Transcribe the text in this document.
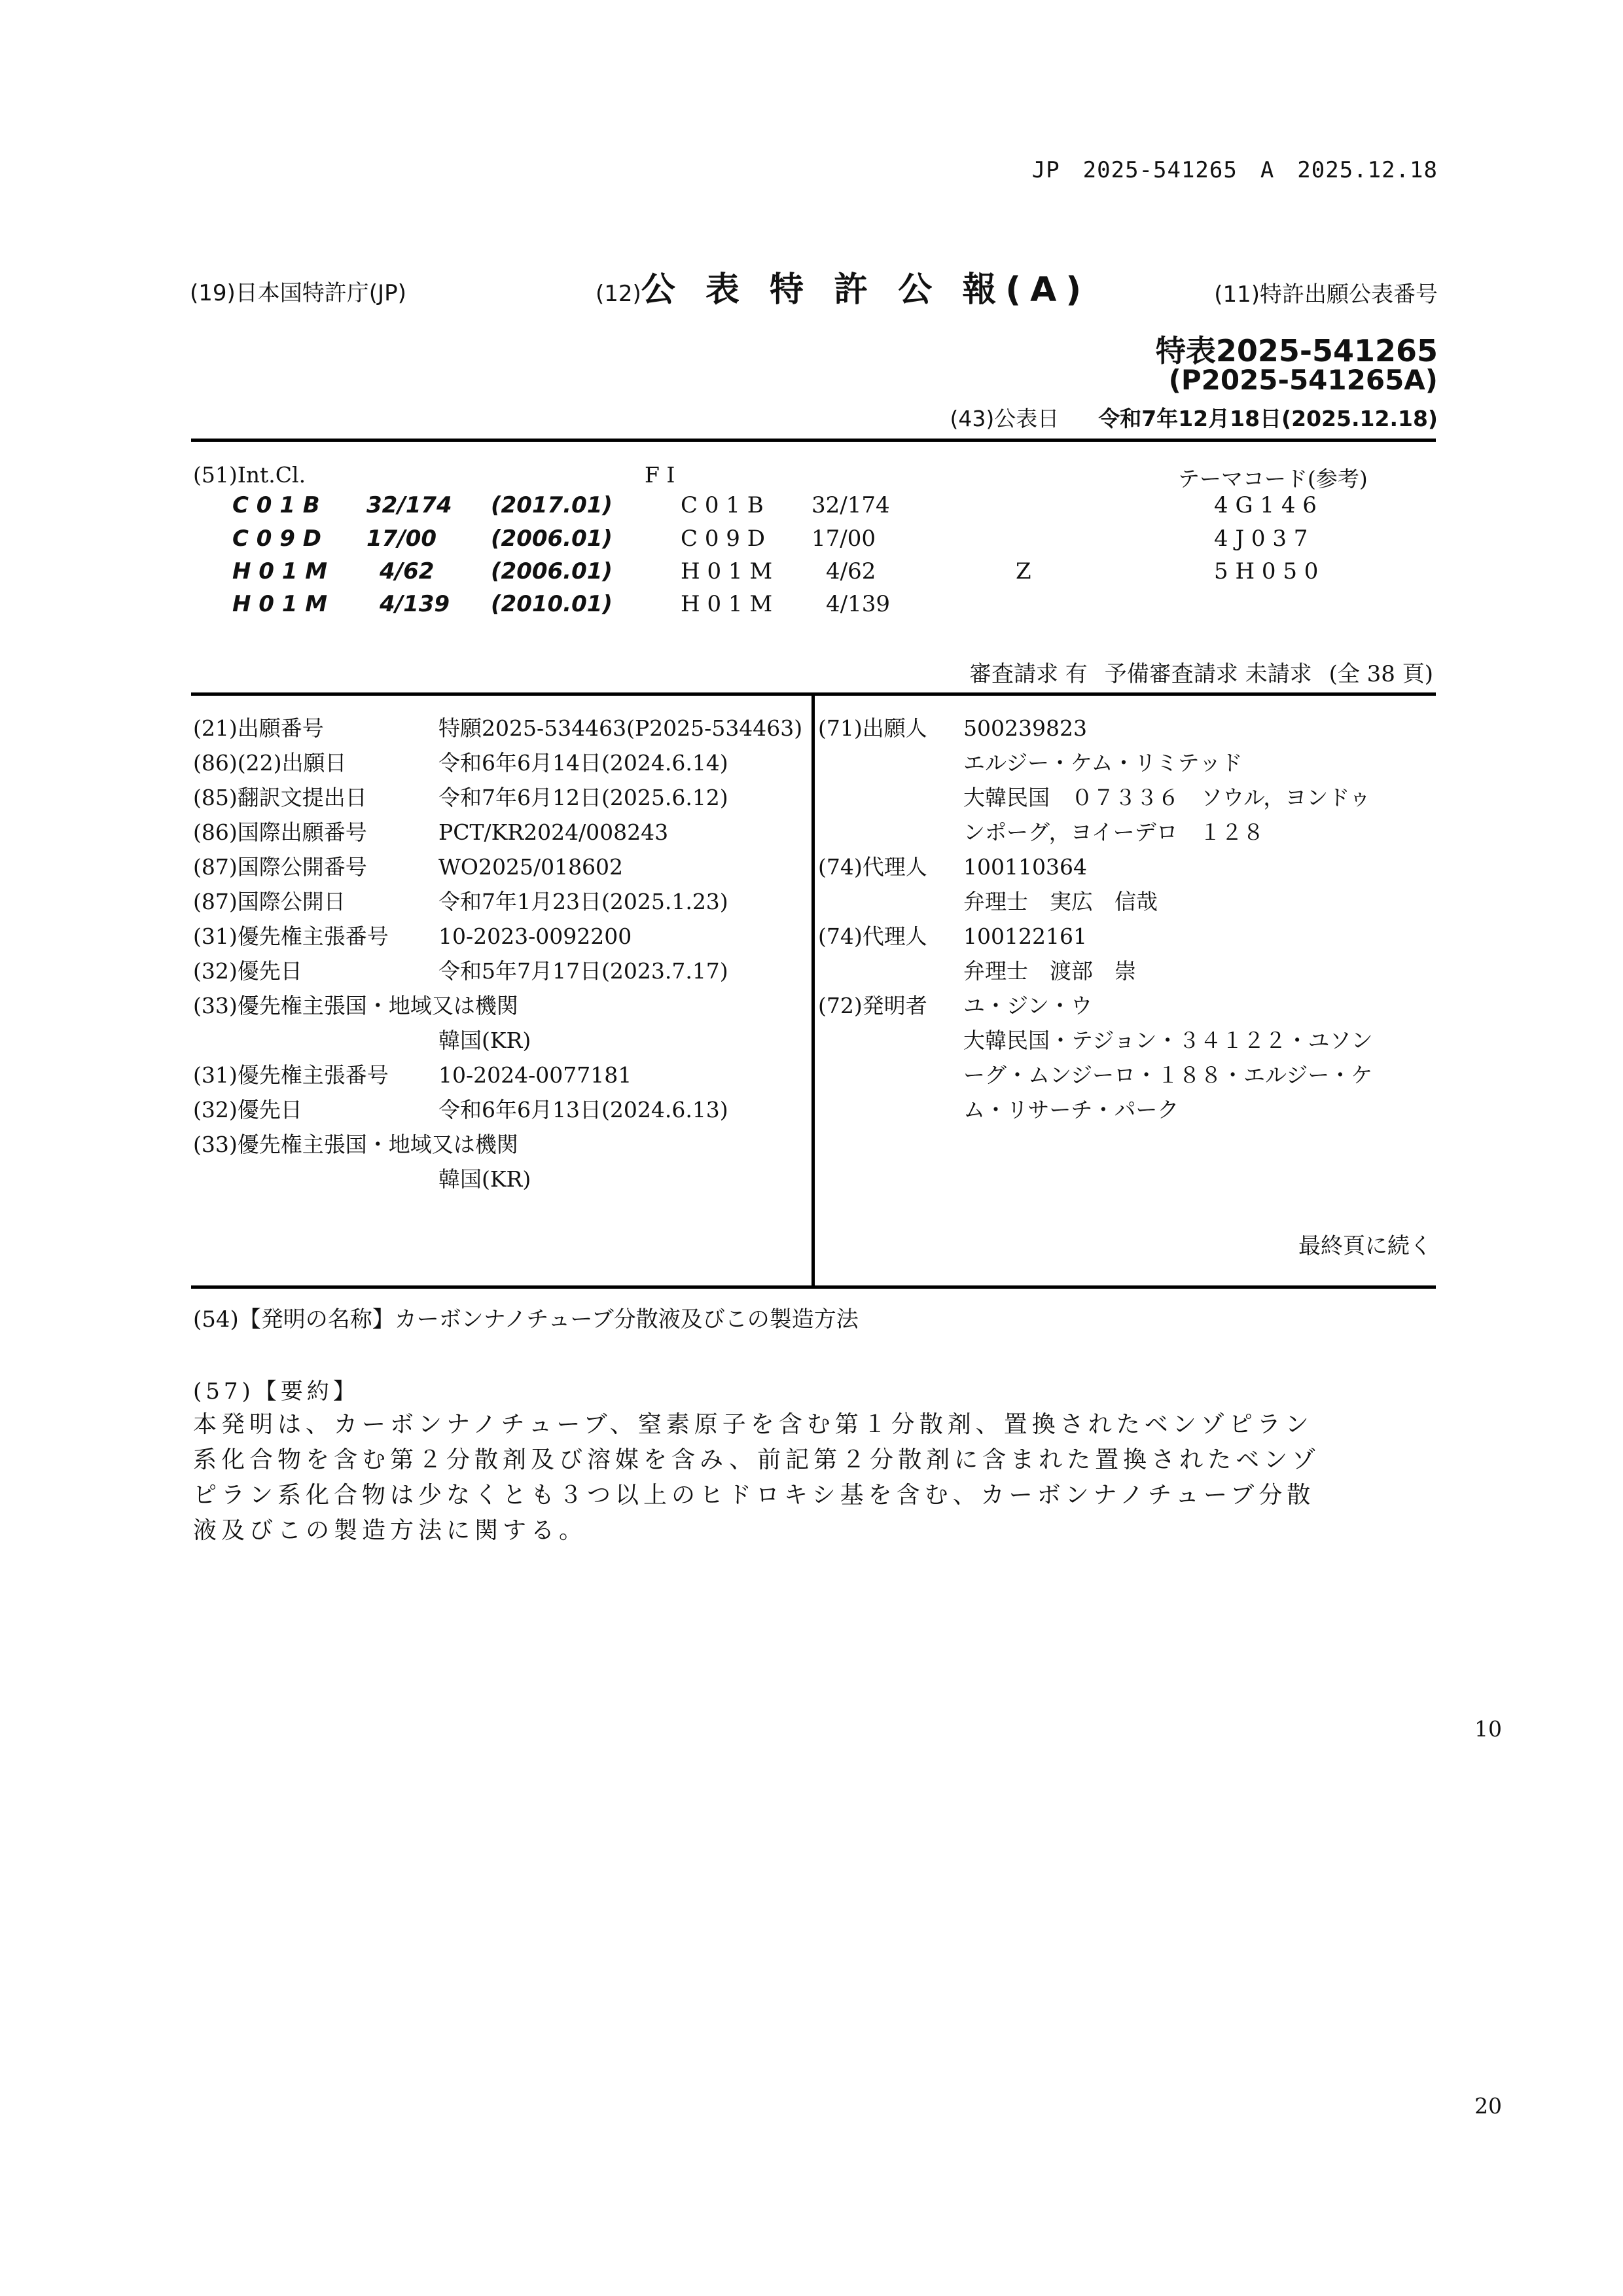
JP　2025-541265　A　2025.12.18
(19)日本国特許庁(JP)	(12)公 表 特 許 公 報(A)	(11)特許出願公表番号
特表2025-541265
(P2025-541265A)
(43)公表日 令和7年12月18日(2025.12.18)
(51)Int.Cl.	F I	テーマコード(参考)
C 0 1 B 32/174 (2017.01)	C 0 1 B 32/174	4 G 1 4 6
C 0 9 D 17/00 (2006.01)	C 0 9 D 17/00	4 J 0 3 7
H 0 1 M 4/62	(2006.01)	H 0 1 M 4/62	Z	5 H 0 5 0
H 0 1 M 4/139 (2010.01)	H 0 1 M 4/139
審査請求 有 予備審査請求 未請求 (全 38 頁)
(21)出願番号	特願2025-534463(P2025-534463)
(86)(22)出願日	令和6年6月14日(2024.6.14)
(85)翻訳文提出日	令和7年6月12日(2025.6.12)
(86)国際出願番号	PCT/KR2024/008243
(87)国際公開番号	WO2025/018602
(87)国際公開日	令和7年1月23日(2025.1.23)
(31)優先権主張番号 10-2023-0092200
(32)優先日	令和5年7月17日(2023.7.17)
(33)優先権主張国・地域又は機関
韓国(KR)
(31)優先権主張番号 10-2024-0077181
(32)優先日	令和6年6月13日(2024.6.13)
(33)優先権主張国・地域又は機関
韓国(KR)
(71)出願人 500239823
エルジー・ケム・リミテッド
大韓民国　０７３３６　ソウル，ヨンドゥ
ンポーグ，ヨイーデロ　１２８
(74)代理人 100110364
弁理士　実広　信哉
(74)代理人 100122161
弁理士　渡部　崇
(72)発明者 ユ・ジン・ウ
大韓民国・テジョン・３４１２２・ユソン
ーグ・ムンジーロ・１８８・エルジー・ケ
ム・リサーチ・パーク
最終頁に続く
(54)【発明の名称】カーボンナノチューブ分散液及びこの製造方法
(57)【要約】
本発明は、カーボンナノチューブ、窒素原子を含む第１分散剤、置換されたベンゾピラン
系化合物を含む第２分散剤及び溶媒を含み、前記第２分散剤に含まれた置換されたベンゾ
ピラン系化合物は少なくとも３つ以上のヒドロキシ基を含む、カーボンナノチューブ分散
液及びこの製造方法に関する。
10
20
